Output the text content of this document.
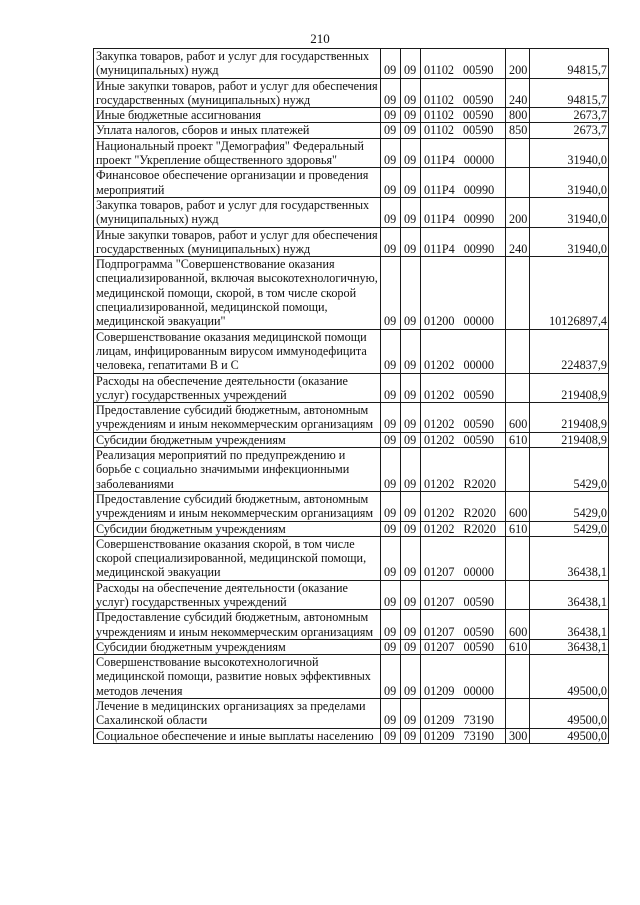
210
Закупка товаров, работ и услуг для государственных (муниципальных) нужд	09	09	01102 00590	200	94815,7
Иные закупки товаров, работ и услуг для обеспечения государственных (муниципальных) нужд	09	09	01102 00590	240	94815,7
Иные бюджетные ассигнования	09	09	01102 00590	800	2673,7
Уплата налогов, сборов и иных платежей	09	09	01102 00590	850	2673,7
Национальный проект "Демография" Федеральный проект "Укрепление общественного здоровья"	09	09	011P4 00000		31940,0
Финансовое обеспечение организации и проведения мероприятий	09	09	011P4 00990		31940,0
Закупка товаров, работ и услуг для государственных (муниципальных) нужд	09	09	011P4 00990	200	31940,0
Иные закупки товаров, работ и услуг для обеспечения государственных (муниципальных) нужд	09	09	011P4 00990	240	31940,0
Подпрограмма "Совершенствование оказания специализированной, включая высокотехнологичную, медицинской помощи, скорой, в том числе скорой специализированной, медицинской помощи, медицинской эвакуации"	09	09	01200 00000		10126897,4
Совершенствование оказания медицинской помощи лицам, инфицированным вирусом иммунодефицита человека, гепатитами B и C	09	09	01202 00000		224837,9
Расходы на обеспечение деятельности (оказание услуг) государственных учреждений	09	09	01202 00590		219408,9
Предоставление субсидий бюджетным, автономным учреждениям и иным некоммерческим организациям	09	09	01202 00590	600	219408,9
Субсидии бюджетным учреждениям	09	09	01202 00590	610	219408,9
Реализация мероприятий по предупреждению и борьбе с социально значимыми инфекционными заболеваниями	09	09	01202 R2020		5429,0
Предоставление субсидий бюджетным, автономным учреждениям и иным некоммерческим организациям	09	09	01202 R2020	600	5429,0
Субсидии бюджетным учреждениям	09	09	01202 R2020	610	5429,0
Совершенствование оказания скорой, в том числе скорой специализированной, медицинской помощи, медицинской эвакуации	09	09	01207 00000		36438,1
Расходы на обеспечение деятельности (оказание услуг) государственных учреждений	09	09	01207 00590		36438,1
Предоставление субсидий бюджетным, автономным учреждениям и иным некоммерческим организациям	09	09	01207 00590	600	36438,1
Субсидии бюджетным учреждениям	09	09	01207 00590	610	36438,1
Совершенствование высокотехнологичной медицинской помощи, развитие новых эффективных методов лечения	09	09	01209 00000		49500,0
Лечение в медицинских организациях за пределами Сахалинской области	09	09	01209 73190		49500,0
Социальное обеспечение и иные выплаты населению	09	09	01209 73190	300	49500,0
